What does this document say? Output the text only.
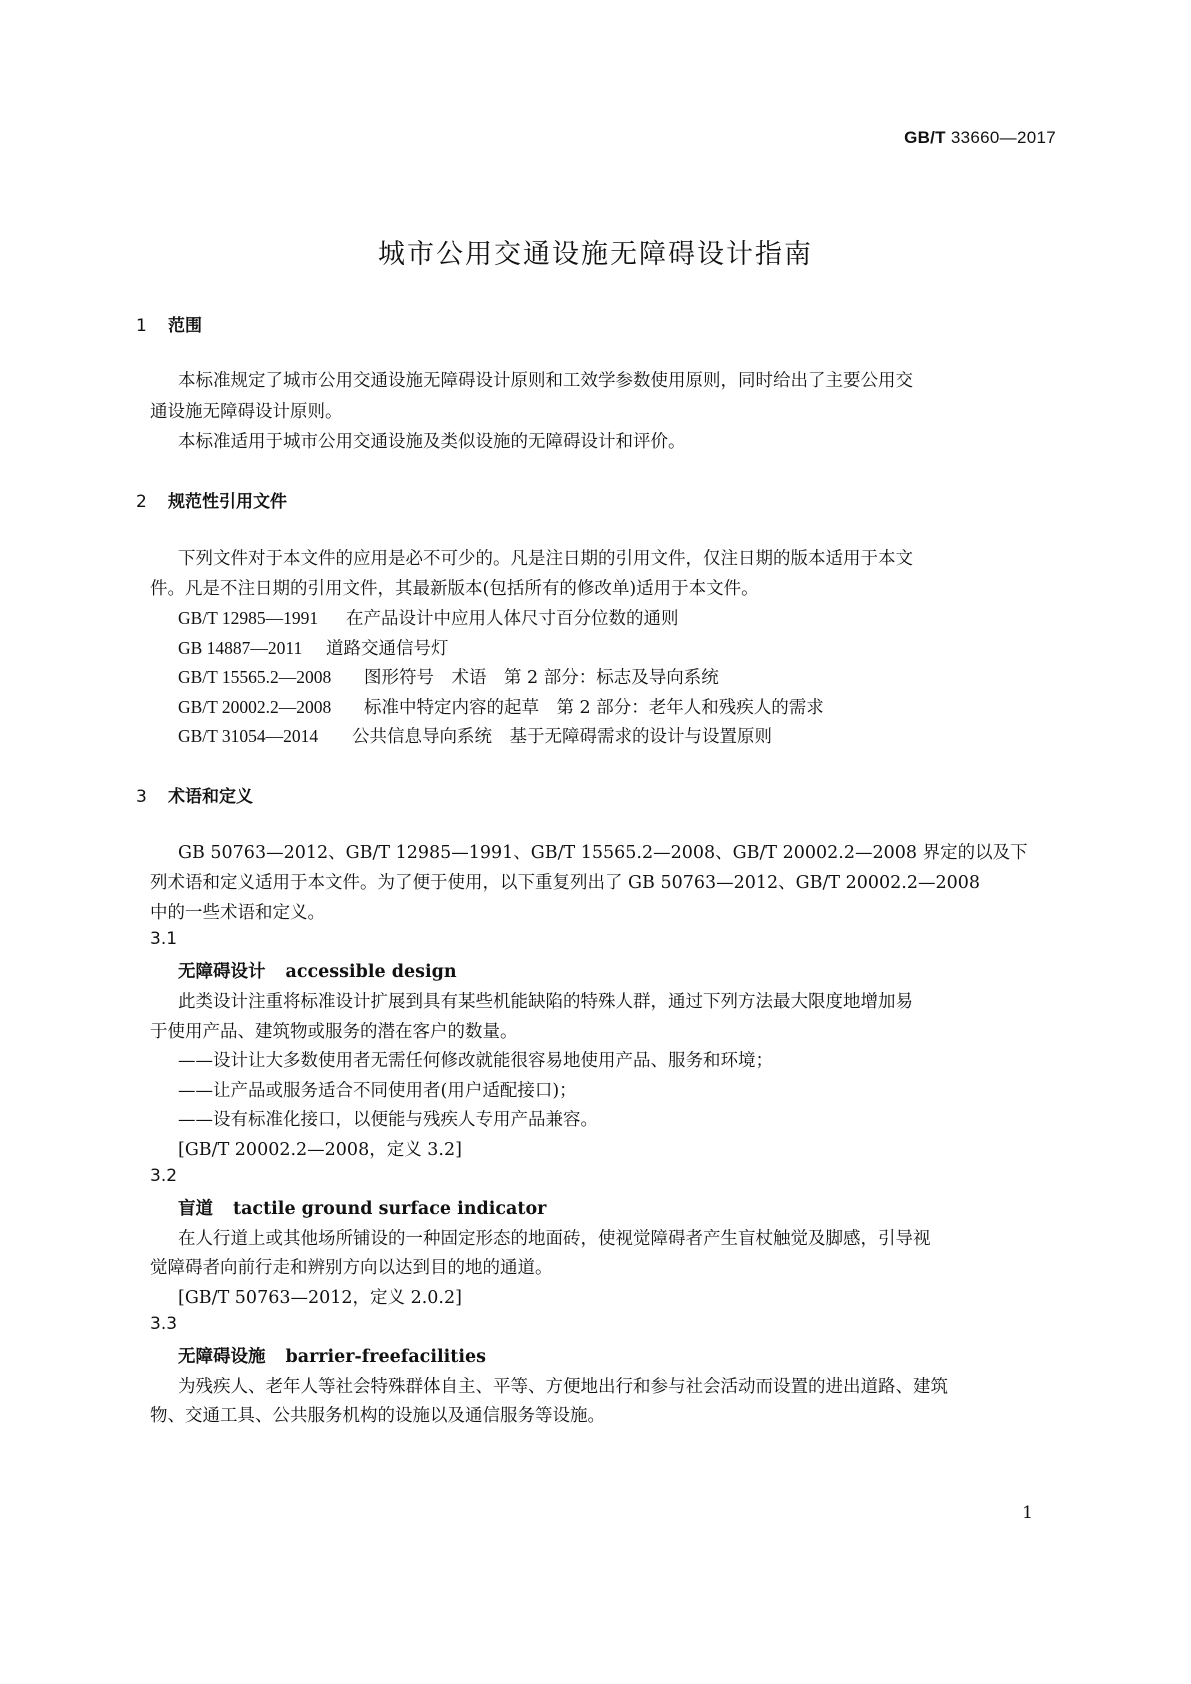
GB/T 33660—2017
城市公用交通设施无障碍设计指南
1 范围
本标准规定了城市公用交通设施无障碍设计原则和工效学参数使用原则，同时给出了主要公用交
通设施无障碍设计原则。
本标准适用于城市公用交通设施及类似设施的无障碍设计和评价。
2 规范性引用文件
下列文件对于本文件的应用是必不可少的。凡是注日期的引用文件，仅注日期的版本适用于本文
件。凡是不注日期的引用文件，其最新版本(包括所有的修改单)适用于本文件。
GB/T 12985—1991 在产品设计中应用人体尺寸百分位数的通则
GB 14887—2011 道路交通信号灯
GB/T 15565.2—2008 图形符号　术语　第 2 部分：标志及导向系统
GB/T 20002.2—2008 标准中特定内容的起草　第 2 部分：老年人和残疾人的需求
GB/T 31054—2014 公共信息导向系统　基于无障碍需求的设计与设置原则
3 术语和定义
GB 50763—2012、GB/T 12985—1991、GB/T 15565.2—2008、GB/T 20002.2—2008 界定的以及下
列术语和定义适用于本文件。为了便于使用，以下重复列出了 GB 50763—2012、GB/T 20002.2—2008
中的一些术语和定义。
3.1
无障碍设计 accessible design
此类设计注重将标准设计扩展到具有某些机能缺陷的特殊人群，通过下列方法最大限度地增加易
于使用产品、建筑物或服务的潜在客户的数量。
——设计让大多数使用者无需任何修改就能很容易地使用产品、服务和环境；
——让产品或服务适合不同使用者(用户适配接口)；
——设有标准化接口，以便能与残疾人专用产品兼容。
[GB/T 20002.2—2008，定义 3.2]
3.2
盲道 tactile ground surface indicator
在人行道上或其他场所铺设的一种固定形态的地面砖，使视觉障碍者产生盲杖触觉及脚感，引导视
觉障碍者向前行走和辨别方向以达到目的地的通道。
[GB/T 50763—2012，定义 2.0.2]
3.3
无障碍设施 barrier-freefacilities
为残疾人、老年人等社会特殊群体自主、平等、方便地出行和参与社会活动而设置的进出道路、建筑
物、交通工具、公共服务机构的设施以及通信服务等设施。
1
